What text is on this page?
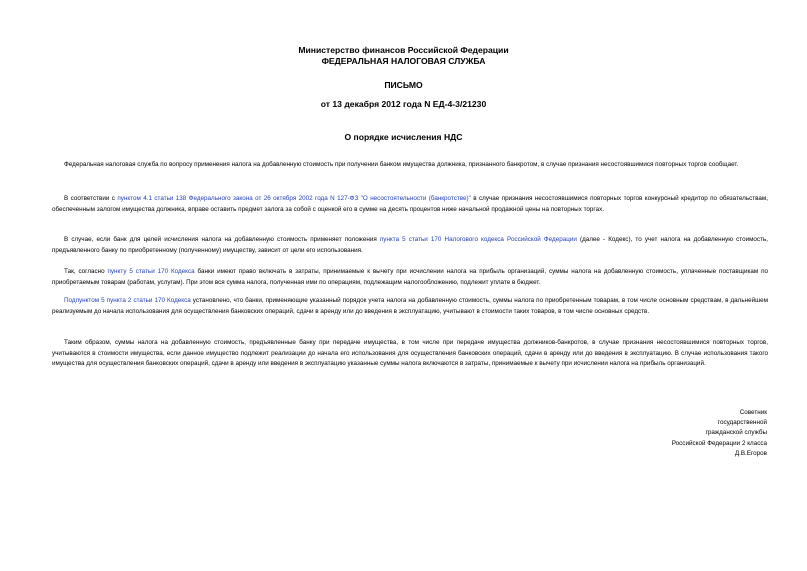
Министерство финансов Российской Федерации
ФЕДЕРАЛЬНАЯ НАЛОГОВАЯ СЛУЖБА
ПИСЬМО
от 13 декабря 2012 года N ЕД-4-3/21230
О порядке исчисления НДС

Федеральная налоговая служба по вопросу применения налога на добавленную стоимость при получении банком имущества должника, признанного банкротом, в случае признания несостоявшимися повторных торгов сообщает.

В соответствии с пунктом 4.1 статьи 138 Федерального закона от 26 октября 2002 года N 127-ФЗ "О несостоятельности (банкротстве)" в случае признания несостоявшимися повторных торгов конкурсный кредитор по обязательствам, обеспеченным залогом имущества должника, вправе оставить предмет залога за собой с оценкой его в сумме на десять процентов ниже начальной продажной цены на повторных торгах.

В случае, если банк для целей исчисления налога на добавленную стоимость применяет положения пункта 5 статьи 170 Налогового кодекса Российской Федерации (далее - Кодекс), то учет налога на добавленную стоимость, предъявленного банку по приобретенному (полученному) имуществу, зависит от цели его использования.

Так, согласно пункту 5 статьи 170 Кодекса банки имеют право включать в затраты, принимаемые к вычету при исчислении налога на прибыль организаций, суммы налога на добавленную стоимость, уплаченные поставщикам по приобретаемым товарам (работам, услугам). При этом вся сумма налога, полученная ими по операциям, подлежащим налогообложению, подлежит уплате в бюджет.

Подпунктом 5 пункта 2 статьи 170 Кодекса установлено, что банки, применяющие указанный порядок учета налога на добавленную стоимость, суммы налога по приобретенным товарам, в том числе основным средствам, в дальнейшем реализуемым до начала использования для осуществления банковских операций, сдачи в аренду или до введения в эксплуатацию, учитывают в стоимости таких товаров, в том числе основных средств.

Таким образом, суммы налога на добавленную стоимость, предъявленные банку при передаче имущества, в том числе при передаче имущества должников-банкротов, в случае признания несостоявшимися повторных торгов, учитываются в стоимости имущества, если данное имущество подлежит реализации до начала его использования для осуществления банковских операций, сдачи в аренду или до введения в эксплуатацию. В случае использования такого имущества для осуществления банковских операций, сдачи в аренду или введения в эксплуатацию указанные суммы налога включаются в затраты, принимаемые к вычету при исчислении налога на прибыль организаций.

Советник
государственной
гражданской службы
Российской Федерации 2 класса
Д.В.Егоров
